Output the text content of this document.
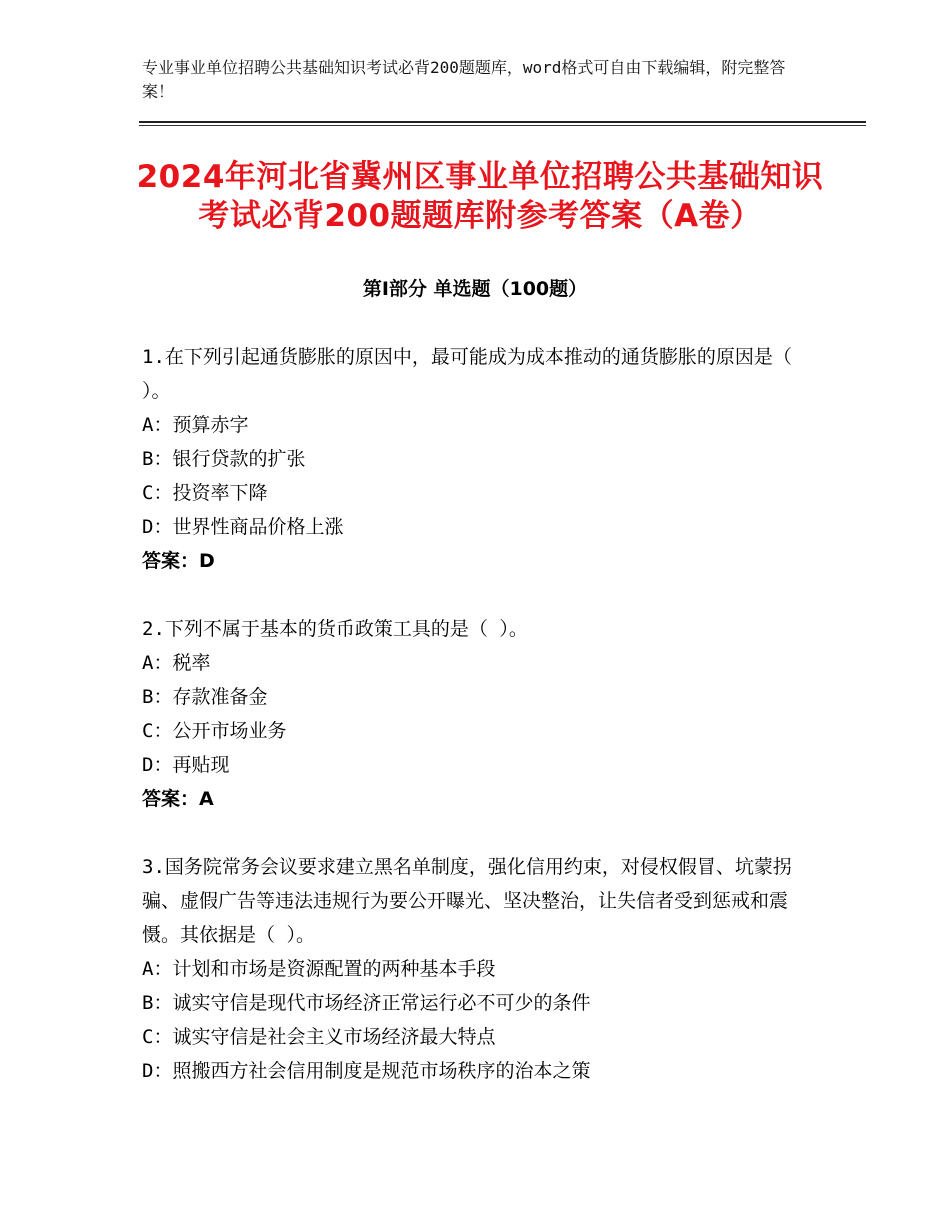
专业事业单位招聘公共基础知识考试必背200题题库，word格式可自由下载编辑，附完整答案！
2024年河北省冀州区事业单位招聘公共基础知识考试必背200题题库附参考答案（A卷）
第Ⅰ部分 单选题（100题）
1.在下列引起通货膨胀的原因中，最可能成为成本推动的通货膨胀的原因是（ ）。
A：预算赤字
B：银行贷款的扩张
C：投资率下降
D：世界性商品价格上涨
答案：D
2.下列不属于基本的货币政策工具的是（ ）。
A：税率
B：存款准备金
C：公开市场业务
D：再贴现
答案：A
3.国务院常务会议要求建立黑名单制度，强化信用约束，对侵权假冒、坑蒙拐骗、虚假广告等违法违规行为要公开曝光、坚决整治，让失信者受到惩戒和震慑。其依据是（ ）。
A：计划和市场是资源配置的两种基本手段
B：诚实守信是现代市场经济正常运行必不可少的条件
C：诚实守信是社会主义市场经济最大特点
D：照搬西方社会信用制度是规范市场秩序的治本之策
